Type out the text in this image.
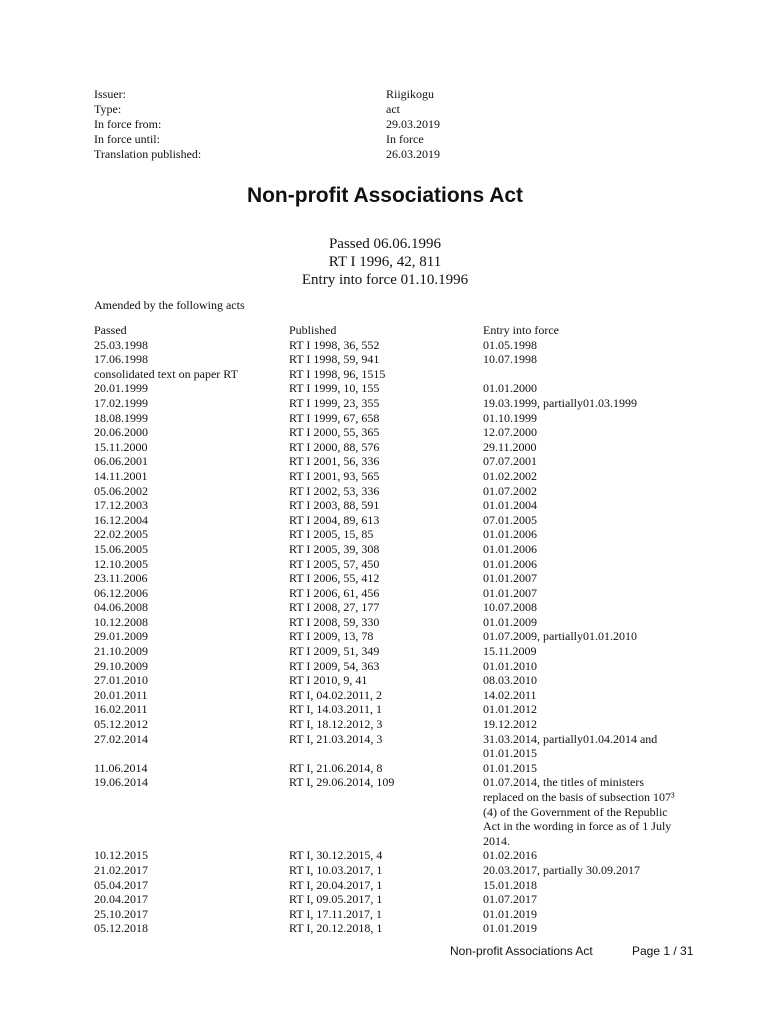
Issuer:	Riigikogu
Type:	act
In force from:	29.03.2019
In force until:	In force
Translation published:	26.03.2019
Non-profit Associations Act
Passed 06.06.1996
RT I 1996, 42, 811
Entry into force 01.10.1996
Amended by the following acts
Passed	Published	Entry into force
25.03.1998	RT I 1998, 36, 552	01.05.1998
17.06.1998	RT I 1998, 59, 941	10.07.1998
consolidated text on paper RT	RT I 1998, 96, 1515
20.01.1999	RT I 1999, 10, 155	01.01.2000
17.02.1999	RT I 1999, 23, 355	19.03.1999, partially01.03.1999
18.08.1999	RT I 1999, 67, 658	01.10.1999
20.06.2000	RT I 2000, 55, 365	12.07.2000
15.11.2000	RT I 2000, 88, 576	29.11.2000
06.06.2001	RT I 2001, 56, 336	07.07.2001
14.11.2001	RT I 2001, 93, 565	01.02.2002
05.06.2002	RT I 2002, 53, 336	01.07.2002
17.12.2003	RT I 2003, 88, 591	01.01.2004
16.12.2004	RT I 2004, 89, 613	07.01.2005
22.02.2005	RT I 2005, 15, 85	01.01.2006
15.06.2005	RT I 2005, 39, 308	01.01.2006
12.10.2005	RT I 2005, 57, 450	01.01.2006
23.11.2006	RT I 2006, 55, 412	01.01.2007
06.12.2006	RT I 2006, 61, 456	01.01.2007
04.06.2008	RT I 2008, 27, 177	10.07.2008
10.12.2008	RT I 2008, 59, 330	01.01.2009
29.01.2009	RT I 2009, 13, 78	01.07.2009, partially01.01.2010
21.10.2009	RT I 2009, 51, 349	15.11.2009
29.10.2009	RT I 2009, 54, 363	01.01.2010
27.01.2010	RT I 2010, 9, 41	08.03.2010
20.01.2011	RT I, 04.02.2011, 2	14.02.2011
16.02.2011	RT I, 14.03.2011, 1	01.01.2012
05.12.2012	RT I, 18.12.2012, 3	19.12.2012
27.02.2014	RT I, 21.03.2014, 3	31.03.2014, partially01.04.2014 and 01.01.2015
11.06.2014	RT I, 21.06.2014, 8	01.01.2015
19.06.2014	RT I, 29.06.2014, 109	01.07.2014, the titles of ministers replaced on the basis of subsection 107³ (4) of the Government of the Republic Act in the wording in force as of 1 July 2014.
10.12.2015	RT I, 30.12.2015, 4	01.02.2016
21.02.2017	RT I, 10.03.2017, 1	20.03.2017, partially 30.09.2017
05.04.2017	RT I, 20.04.2017, 1	15.01.2018
20.04.2017	RT I, 09.05.2017, 1	01.07.2017
25.10.2017	RT I, 17.11.2017, 1	01.01.2019
05.12.2018	RT I, 20.12.2018, 1	01.01.2019
Non-profit Associations Act	Page 1 / 31
